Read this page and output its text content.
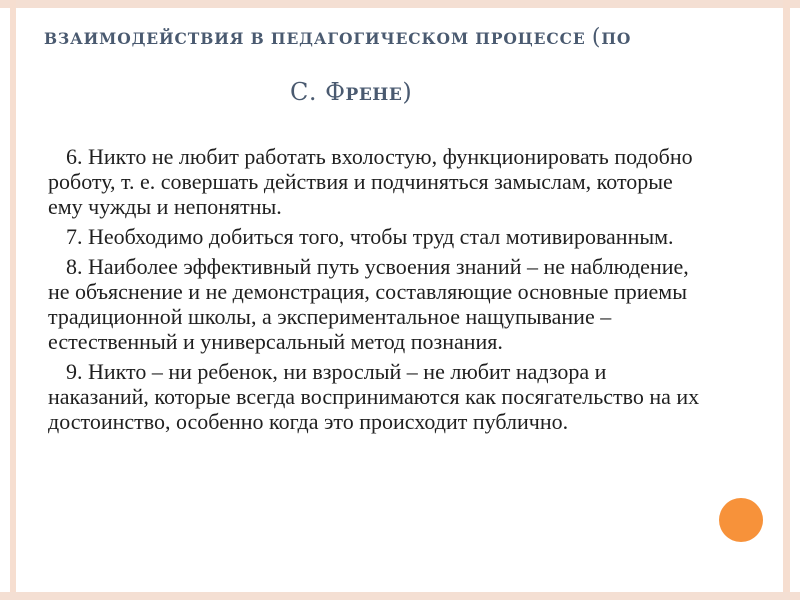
ВЗАИМОДЕЙСТВИЯ В ПЕДАГОГИЧЕСКОМ ПРОЦЕССЕ (ПО
С. ФРЕНЕ)

6. Никто не любит работать вхолостую, функционировать подобно роботу, т. е. совершать действия и подчиняться замыслам, которые ему чужды и непонятны.

7. Необходимо добиться того, чтобы труд стал мотивированным.

8. Наиболее эффективный путь усвоения знаний – не наблюдение, не объяснение и не демонстрация, составляющие основные приемы традиционной школы, а экспериментальное нащупывание – естественный и универсальный метод познания.

9. Никто – ни ребенок, ни взрослый – не любит надзора и наказаний, которые всегда воспринимаются как посягательство на их достоинство, особенно когда это происходит публично.
